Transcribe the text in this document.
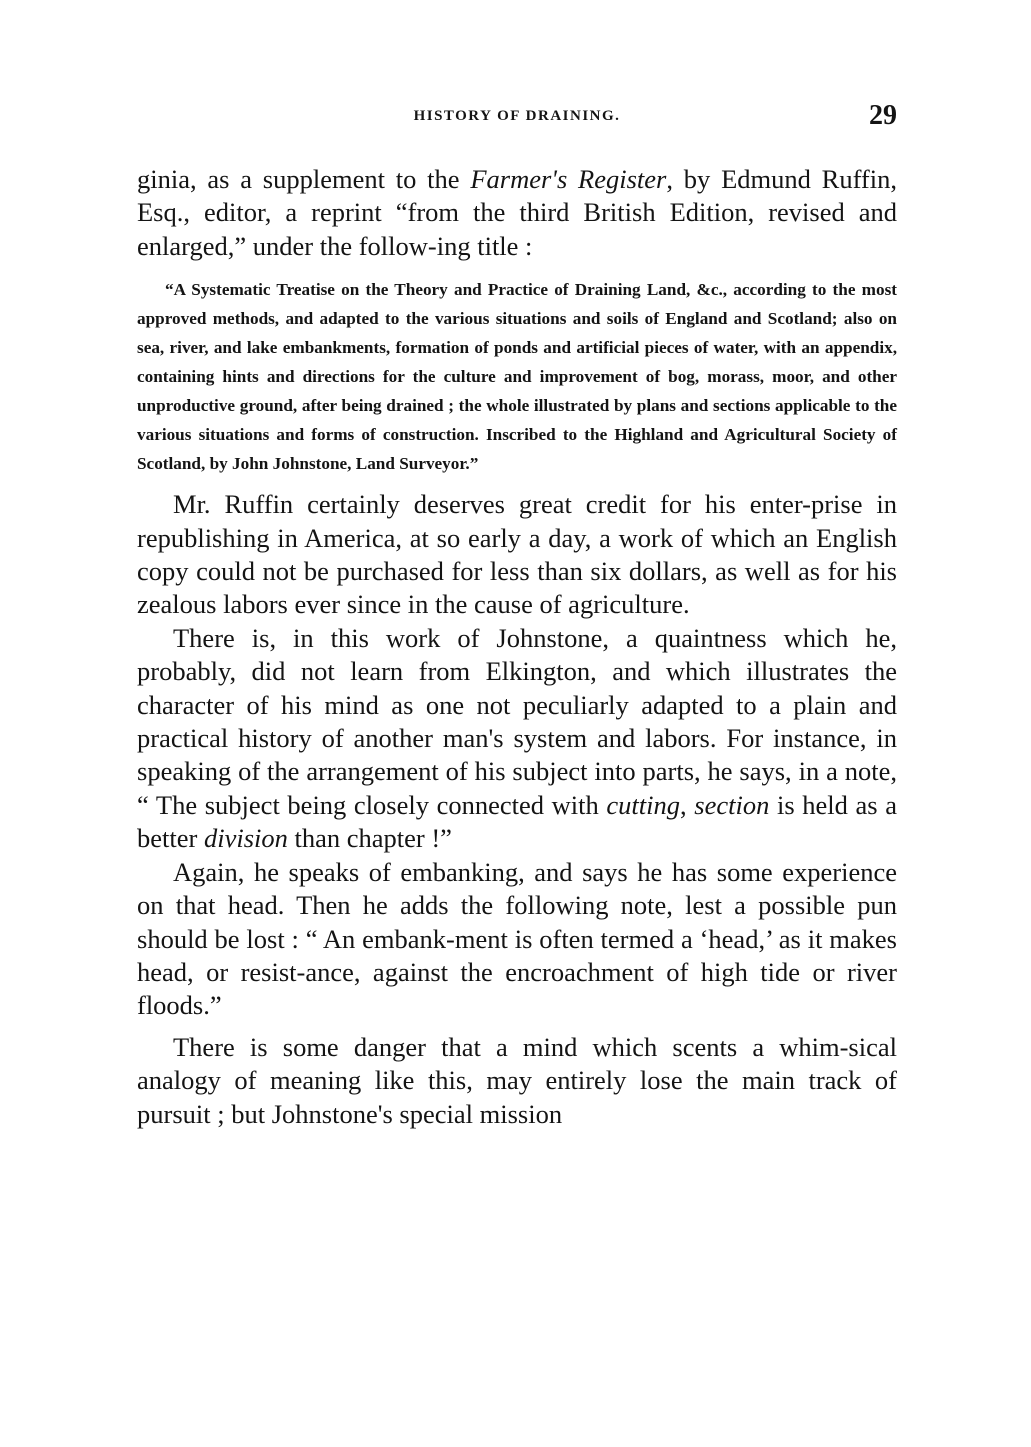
HISTORY OF DRAINING.	29

ginia, as a supplement to the Farmer's Register, by Edmund Ruffin, Esq., editor, a reprint “from the third British Edition, revised and enlarged,” under the follow-ing title :

“A Systematic Treatise on the Theory and Practice of Draining Land, &c., according to the most approved methods, and adapted to the various situations and soils of England and Scotland; also on sea, river, and lake embankments, formation of ponds and artificial pieces of water, with an appendix, containing hints and directions for the culture and improvement of bog, morass, moor, and other unproductive ground, after being drained ; the whole illustrated by plans and sections applicable to the various situations and forms of construction. Inscribed to the Highland and Agricultural Society of Scotland, by John Johnstone, Land Surveyor.”

Mr. Ruffin certainly deserves great credit for his enter-prise in republishing in America, at so early a day, a work of which an English copy could not be purchased for less than six dollars, as well as for his zealous labors ever since in the cause of agriculture.

There is, in this work of Johnstone, a quaintness which he, probably, did not learn from Elkington, and which illustrates the character of his mind as one not peculiarly adapted to a plain and practical history of another man's system and labors. For instance, in speaking of the arrangement of his subject into parts, he says, in a note, “ The subject being closely connected with cutting, section is held as a better division than chapter !”

Again, he speaks of embanking, and says he has some experience on that head. Then he adds the following note, lest a possible pun should be lost : “ An embank-ment is often termed a ‘head,’ as it makes head, or resist-ance, against the encroachment of high tide or river floods.”

There is some danger that a mind which scents a whim-sical analogy of meaning like this, may entirely lose the main track of pursuit ; but Johnstone's special mission
